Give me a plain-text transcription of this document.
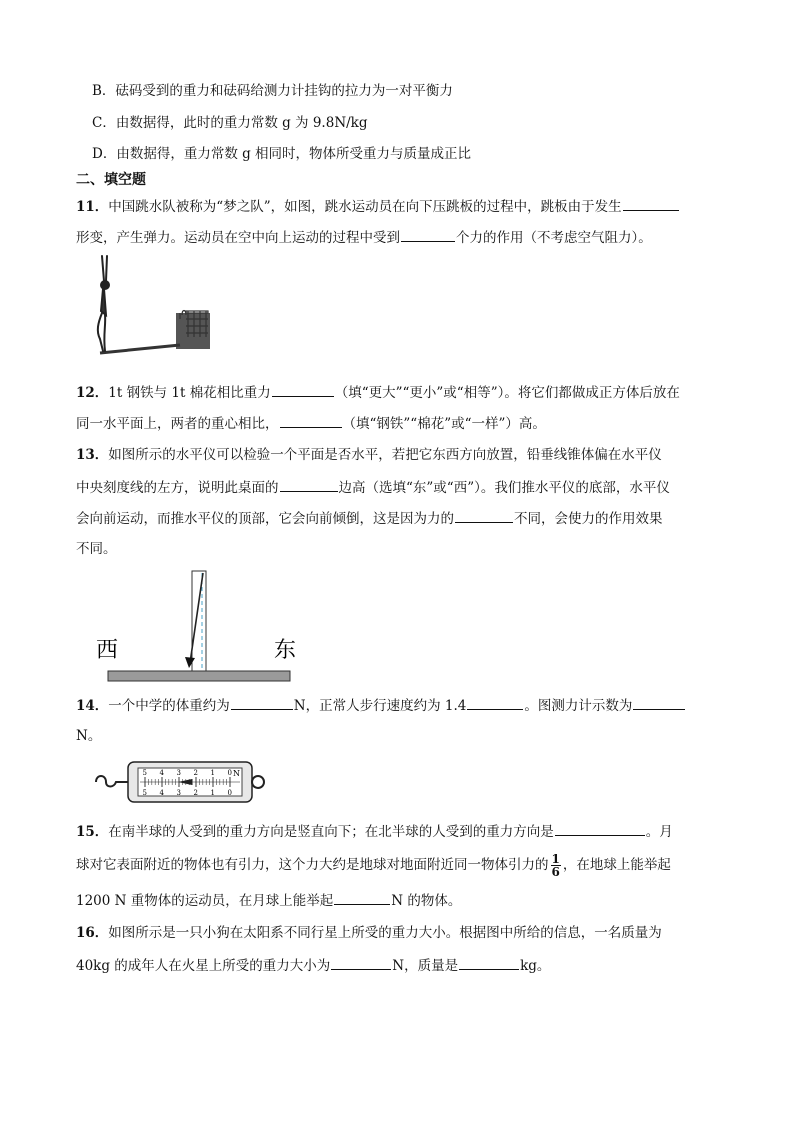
B．砝码受到的重力和砝码给测力计挂钩的拉力为一对平衡力
C．由数据得，此时的重力常数 g 为 9.8N/kg
D．由数据得，重力常数 g 相同时，物体所受重力与质量成正比
二、填空题
11．中国跳水队被称为“梦之队”，如图，跳水运动员在向下压跳板的过程中，跳板由于发生
形变，产生弹力。运动员在空中向上运动的过程中受到	个力的作用（不考虑空气阻力）。
12．1t 钢铁与 1t 棉花相比重力	（填“更大”“更小”或“相等”）。将它们都做成正方体后放在
同一水平面上，两者的重心相比，	（填“钢铁”“棉花”或“一样”）高。
13．如图所示的水平仪可以检验一个平面是否水平，若把它东西方向放置，铅垂线锥体偏在水平仪
中央刻度线的左方，说明此桌面的	边高（选填“东”或“西”）。我们推水平仪的底部，水平仪
会向前运动，而推水平仪的顶部，它会向前倾倒，这是因为力的	不同，会使力的作用效果
不同。
西	东
14．一个中学的体重约为	N，正常人步行速度约为 1.4	。图测力计示数为
N。
0
0
1
1
2
2
3
3
4
4
5
5
N
15．在南半球的人受到的重力方向是竖直向下；在北半球的人受到的重力方向是	。月
球对它表面附近的物体也有引力，这个力大约是地球对地面附近同一物体引力的 $\frac{1}{6}$ ，在地球上能举起
1200 N 重物体的运动员，在月球上能举起	N 的物体。
16．如图所示是一只小狗在太阳系不同行星上所受的重力大小。根据图中所给的信息，一名质量为
40kg 的成年人在火星上所受的重力大小为	N，质量是	kg。
